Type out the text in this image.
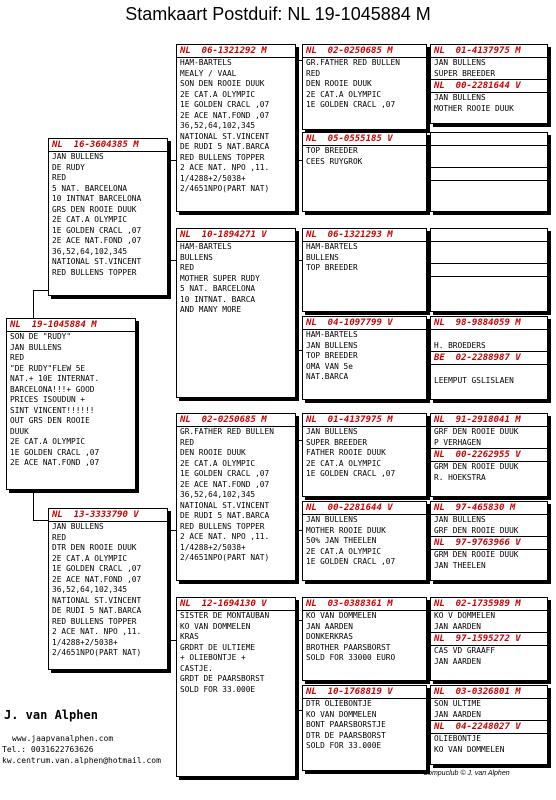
Stamkaart Postduif: NL 19-1045884 M
NL  19-1045884 M
SON DE "RUDY"
JAN BULLENS
RED
"DE RUDY"FLEW 5E
NAT.+ 10E INTERNAT.
BARCELONA!!!+ GOOD
PRICES ISOUDUN +
SINT VINCENT!!!!!!
OUT GRS DEN ROOIE
DUUK
2E CAT.A OLYMPIC
1E GOLDEN CRACL ,07
2E ACE NAT.FOND ,07
NL  16-3604385 M
JAN BULLENS
DE RUDY
RED
5 NAT. BARCELONA
10 INTNAT BARCELONA
GRS DEN ROOIE DUUK
2E CAT.A OLYMPIC
1E GOLDEN CRACL ,07
2E ACE NAT.FOND ,07
36,52,64,102,345
NATIONAL ST.VINCENT
RED BULLENS TOPPER
NL  13-3333790 V
JAN BULLENS
RED
DTR DEN ROOIE DUUK
2E CAT.A OLYMPIC
1E GOLDEN CRACL ,07
2E ACE NAT.FOND ,07
36,52,64,102,345
NATIONAL ST.VINCENT
DE RUDI 5 NAT.BARCA
RED BULLENS TOPPER
2 ACE NAT. NPO ,11.
1/4288+2/5038+
2/4651NPO(PART NAT)
NL  06-1321292 M
HAM-BARTELS
MEALY / VAAL
SON DEN ROOIE DUUK
2E CAT.A OLYMPIC
1E GOLDEN CRACL ,07
2E ACE NAT.FOND ,07
36,52,64,102,345
NATIONAL ST.VINCENT
DE RUDI 5 NAT.BARCA
RED BULLENS TOPPER
2 ACE NAT. NPO ,11.
1/4288+2/5038+
2/4651NPO(PART NAT)
NL  10-1894271 V
HAM-BARTELS
BULLENS
RED
MOTHER SUPER RUDY
5 NAT. BARCELONA
10 INTNAT. BARCA
AND MANY MORE
NL  02-0250685 M
GR.FATHER RED BULLEN
RED
DEN ROOIE DUUK
2E CAT.A OLYMPIC
1E GOLDEN CRACL ,07
2E ACE NAT.FOND ,07
36,52,64,102,345
NATIONAL ST.VINCENT
DE RUDI 5 NAT.BARCA
RED BULLENS TOPPER
2 ACE NAT. NPO ,11.
1/4288+2/5038+
2/4651NPO(PART NAT)
NL  12-1694130 V
SISTER DE MONTAUBAN
KO VAN DOMMELEN
KRAS
GRDRT DE ULTIEME
+ OLIEBONTJE +
CASTJE.
GRDT DE PAARSBORST
SOLD FOR 33.000E
NL  02-0250685 M
GR.FATHER RED BULLEN
RED
DEN ROOIE DUUK
2E CAT.A OLYMPIC
1E GOLDEN CRACL ,07
NL  05-0555185 V
TOP BREEDER
CEES RUYGROK
NL  06-1321293 M
HAM-BARTELS
BULLENS
TOP BREEDER
NL  04-1097799 V
HAM-BARTELS
JAN BULLENS
TOP BREEDER
OMA VAN 5e
NAT.BARCA
NL  01-4137975 M
JAN BULLENS
SUPER BREEDER
FATHER ROOIE DUUK
2E CAT.A OLYMPIC
1E GOLDEN CRACL ,07
NL  00-2281644 V
JAN BULLENS
MOTHER ROOIE DUUK
50% JAN THEELEN
2E CAT.A OLYMPIC
1E GOLDEN CRACL ,07
NL  03-0388361 M
KO VAN DOMMELEN
JAN AARDEN
DONKERKRAS
BROTHER PAARSBORST
SOLD FOR 33000 EURO
NL  10-1768819 V
DTR OLIEBONTJE
KO VAN DOMMELEN
BONT PAARSBORSTJE
DTR DE PAARSBORST
SOLD FOR 33.000E
NL  01-4137975 M
JAN BULLENS
SUPER BREEDER
NL  00-2281644 V
JAN BULLENS
MOTHER ROOIE DUUK
NL  98-9884059 M
H. BROEDERS
BE  02-2288987 V
LEEMPUT GSLISLAEN
NL  91-2918041 M
GRF DEN ROOIE DUUK
P VERHAGEN
NL  00-2262955 V
GRM DEN ROOIE DUUK
R. HOEKSTRA
NL  97-465830 M
JAN BULLENS
GRF DEN ROOIE DUUK
NL  97-9763966 V
GRM DEN ROOIE DUUK
JAN THEELEN
NL  02-1735989 M
KO V DOMMELEN
JAN AARDEN
NL  97-1595272 V
CAS VD GRAAFF
JAN AARDEN
NL  03-0326801 M
SON ULTIME
JAN AARDEN
NL  04-2248027 V
OLIEBONTJE
KO VAN DOMMELEN
J. van Alphen
www.jaapvanalphen.com
Tel.: 0031622763626
kw.centrum.van.alphen@hotmail.com
Compuclub © J. van Alphen
